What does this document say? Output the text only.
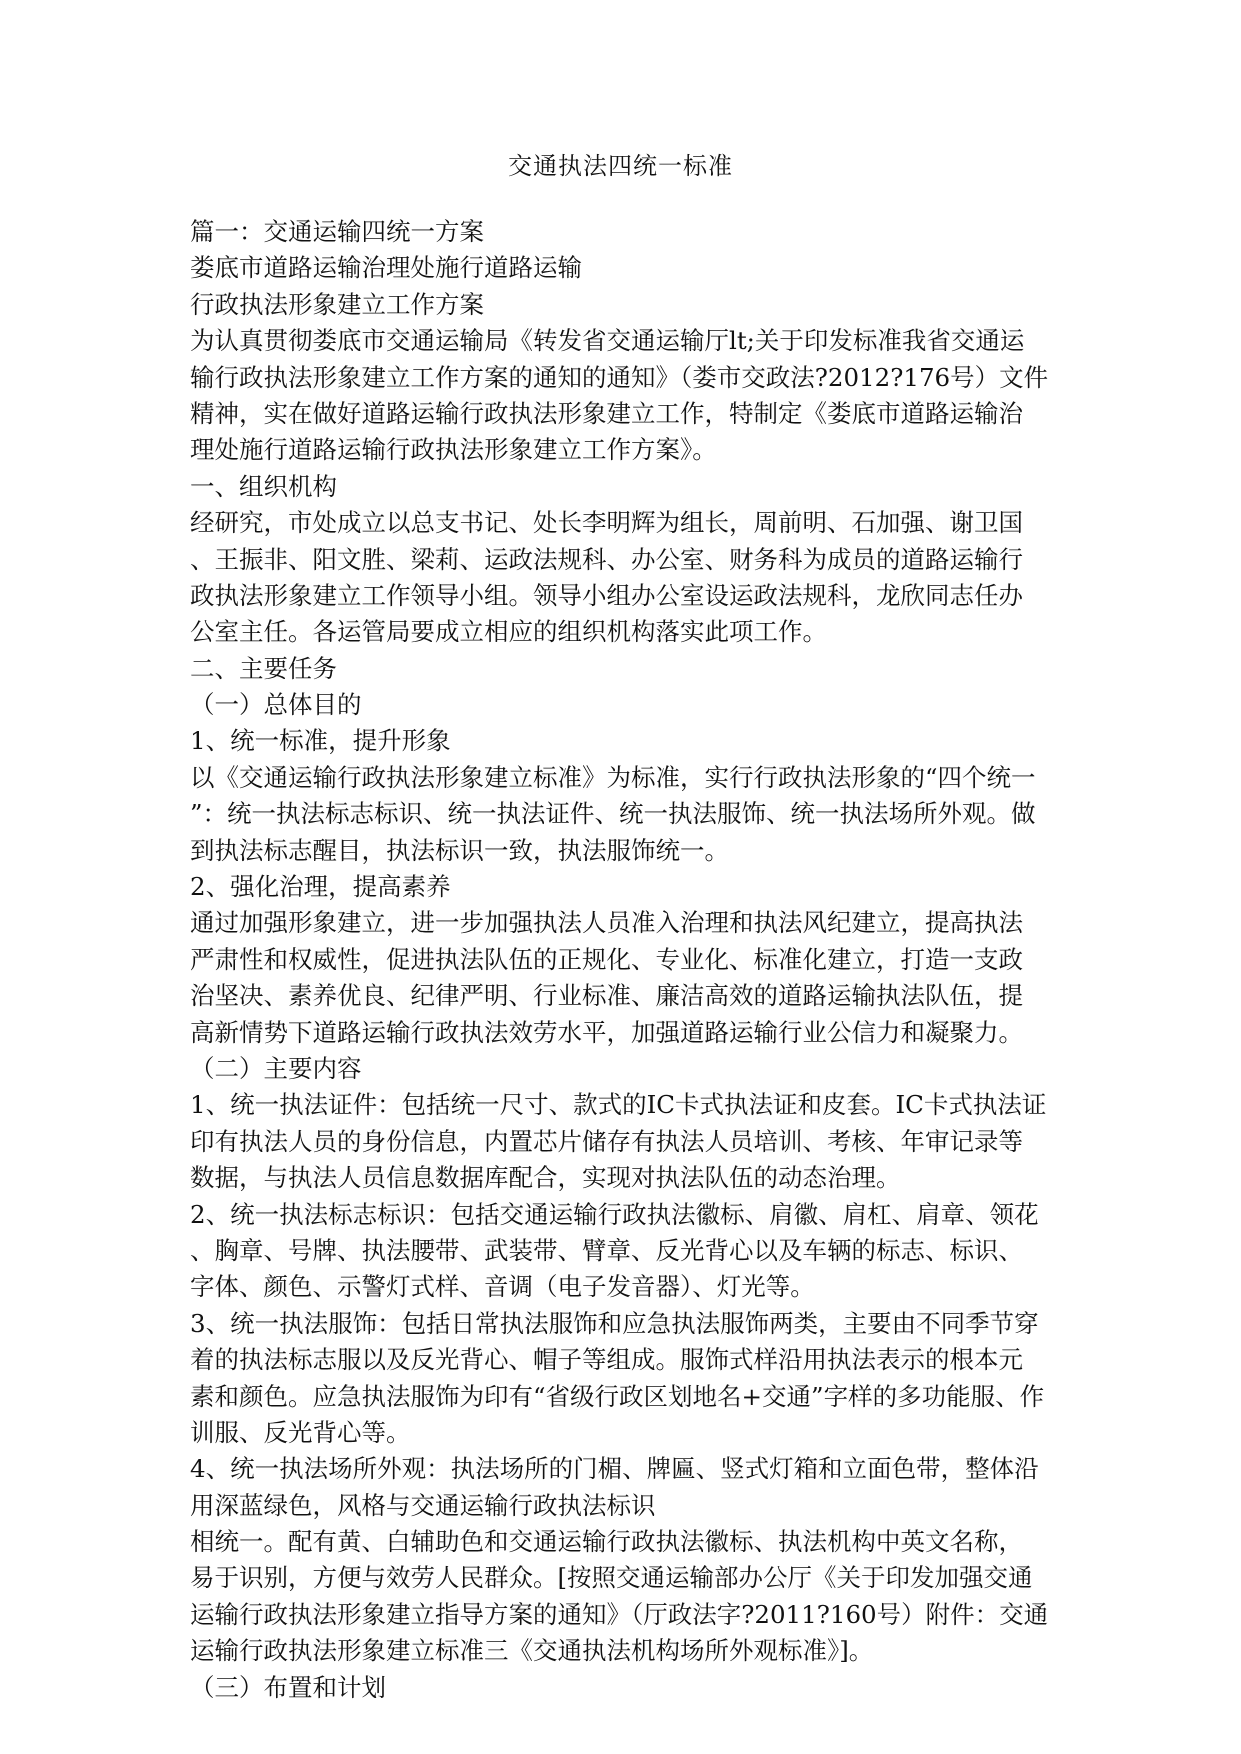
交通执法四统一标准
篇一：交通运输四统一方案
娄底市道路运输治理处施行道路运输
行政执法形象建立工作方案
为认真贯彻娄底市交通运输局《转发省交通运输厅lt;关于印发标准我省交通运
输行政执法形象建立工作方案的通知的通知》（娄市交政法?2012?176号）文件
精神，实在做好道路运输行政执法形象建立工作，特制定《娄底市道路运输治
理处施行道路运输行政执法形象建立工作方案》。
一、组织机构
经研究，市处成立以总支书记、处长李明辉为组长，周前明、石加强、谢卫国
、王振非、阳文胜、梁莉、运政法规科、办公室、财务科为成员的道路运输行
政执法形象建立工作领导小组。领导小组办公室设运政法规科，龙欣同志任办
公室主任。各运管局要成立相应的组织机构落实此项工作。
二、主要任务
（一）总体目的
1、统一标准，提升形象
以《交通运输行政执法形象建立标准》为标准，实行行政执法形象的“四个统一
”：统一执法标志标识、统一执法证件、统一执法服饰、统一执法场所外观。做
到执法标志醒目，执法标识一致，执法服饰统一。
2、强化治理，提高素养
通过加强形象建立，进一步加强执法人员准入治理和执法风纪建立，提高执法
严肃性和权威性，促进执法队伍的正规化、专业化、标准化建立，打造一支政
治坚决、素养优良、纪律严明、行业标准、廉洁高效的道路运输执法队伍，提
高新情势下道路运输行政执法效劳水平，加强道路运输行业公信力和凝聚力。
（二）主要内容
1、统一执法证件：包括统一尺寸、款式的IC卡式执法证和皮套。IC卡式执法证
印有执法人员的身份信息，内置芯片储存有执法人员培训、考核、年审记录等
数据，与执法人员信息数据库配合，实现对执法队伍的动态治理。
2、统一执法标志标识：包括交通运输行政执法徽标、肩徽、肩杠、肩章、领花
、胸章、号牌、执法腰带、武装带、臂章、反光背心以及车辆的标志、标识、
字体、颜色、示警灯式样、音调（电子发音器）、灯光等。
3、统一执法服饰：包括日常执法服饰和应急执法服饰两类，主要由不同季节穿
着的执法标志服以及反光背心、帽子等组成。服饰式样沿用执法表示的根本元
素和颜色。应急执法服饰为印有“省级行政区划地名+交通”字样的多功能服、作
训服、反光背心等。
4、统一执法场所外观：执法场所的门楣、牌匾、竖式灯箱和立面色带，整体沿
用深蓝绿色，风格与交通运输行政执法标识
相统一。配有黄、白辅助色和交通运输行政执法徽标、执法机构中英文名称，
易于识别，方便与效劳人民群众。[按照交通运输部办公厅《关于印发加强交通
运输行政执法形象建立指导方案的通知》（厅政法字?2011?160号）附件：交通
运输行政执法形象建立标准三《交通执法机构场所外观标准》]。
（三）布置和计划
